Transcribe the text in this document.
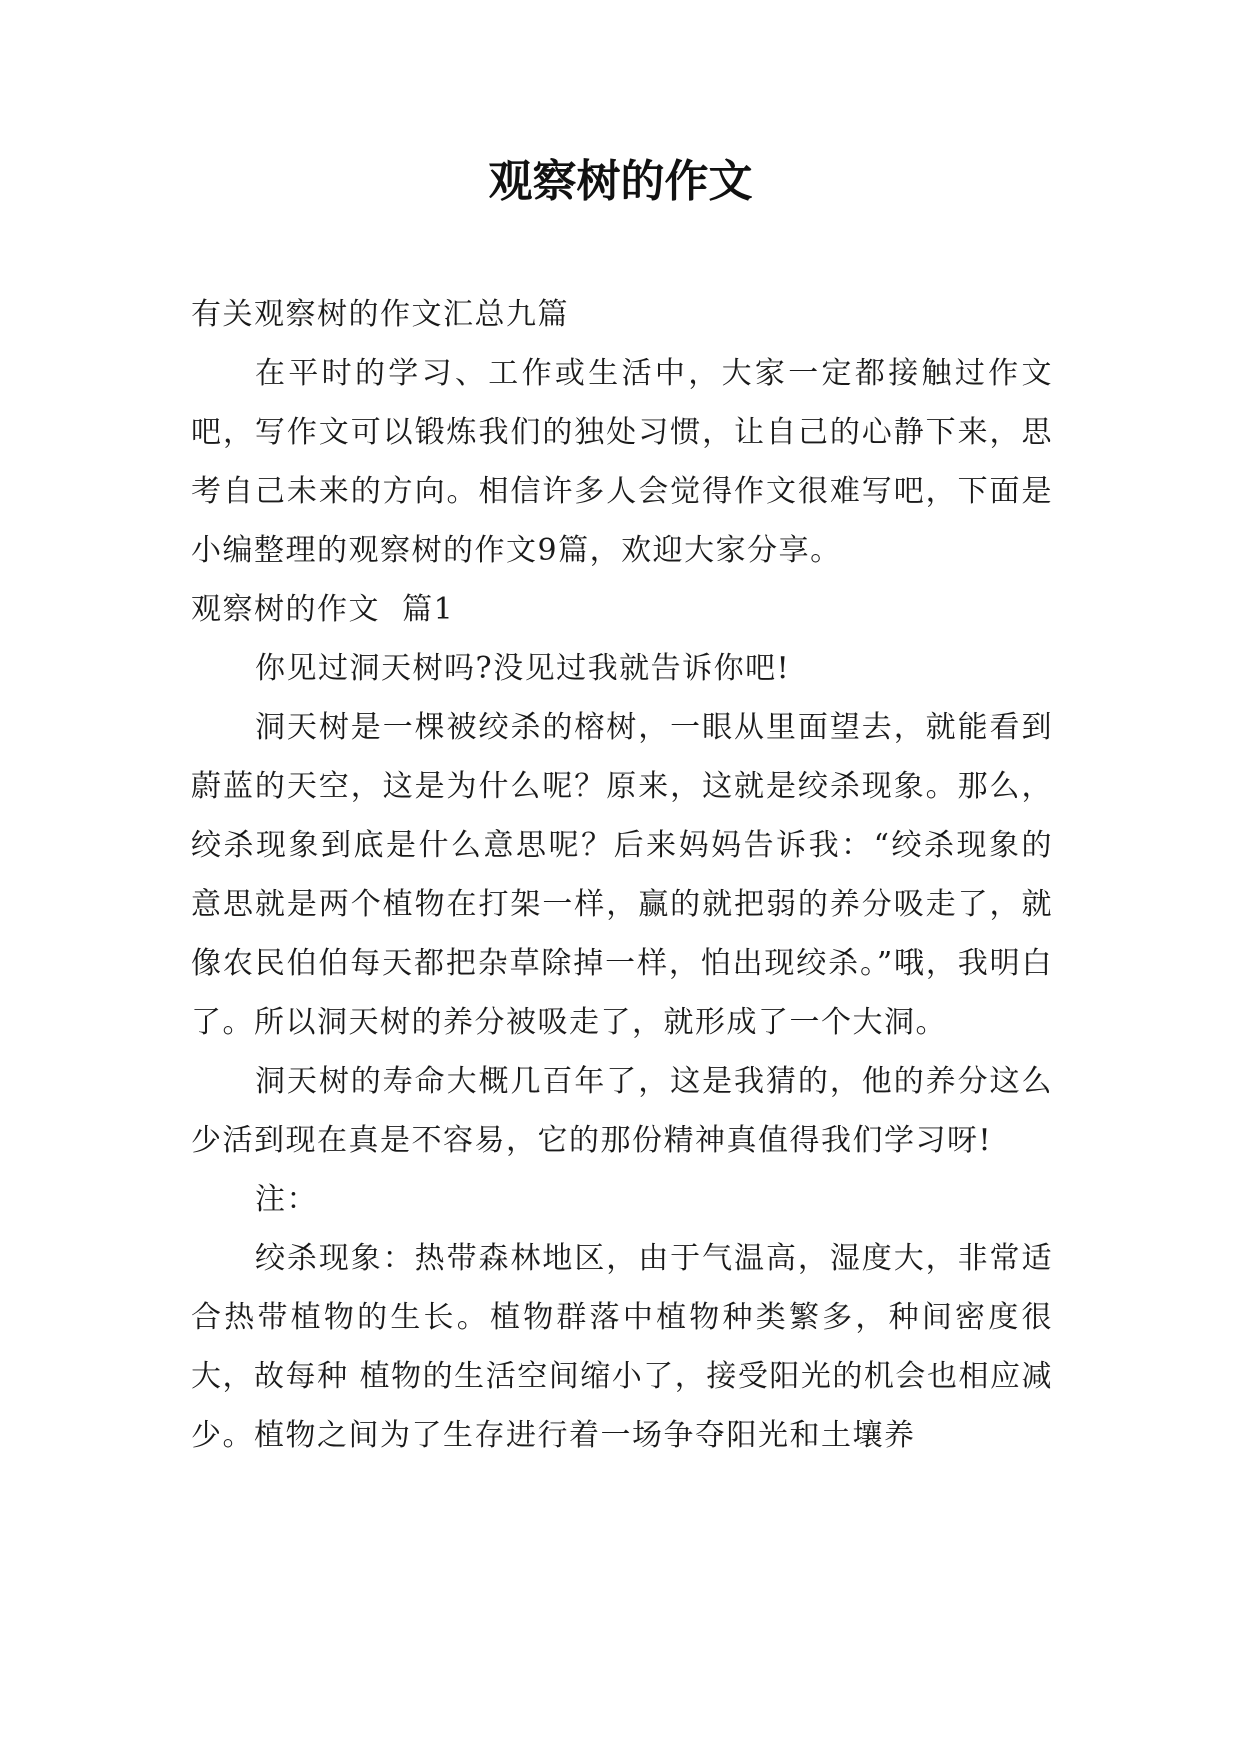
观察树的作文

有关观察树的作文汇总九篇

在平时的学习、工作或生活中，大家一定都接触过作文吧，写作文可以锻炼我们的独处习惯，让自己的心静下来，思考自己未来的方向。相信许多人会觉得作文很难写吧，下面是小编整理的观察树的作文9篇，欢迎大家分享。

观察树的作文  篇1

你见过洞天树吗?没见过我就告诉你吧!

洞天树是一棵被绞杀的榕树，一眼从里面望去，就能看到蔚蓝的天空，这是为什么呢？原来，这就是绞杀现象。那么，绞杀现象到底是什么意思呢？后来妈妈告诉我：“绞杀现象的意思就是两个植物在打架一样，赢的就把弱的养分吸走了，就像农民伯伯每天都把杂草除掉一样，怕出现绞杀。”哦，我明白了。所以洞天树的养分被吸走了，就形成了一个大洞。

洞天树的寿命大概几百年了，这是我猜的，他的养分这么少活到现在真是不容易，它的那份精神真值得我们学习呀!

注：

绞杀现象：热带森林地区，由于气温高，湿度大，非常适合热带植物的生长。植物群落中植物种类繁多，种间密度很大，故每种 植物的生活空间缩小了，接受阳光的机会也相应减少。植物之间为了生存进行着一场争夺阳光和土壤养
